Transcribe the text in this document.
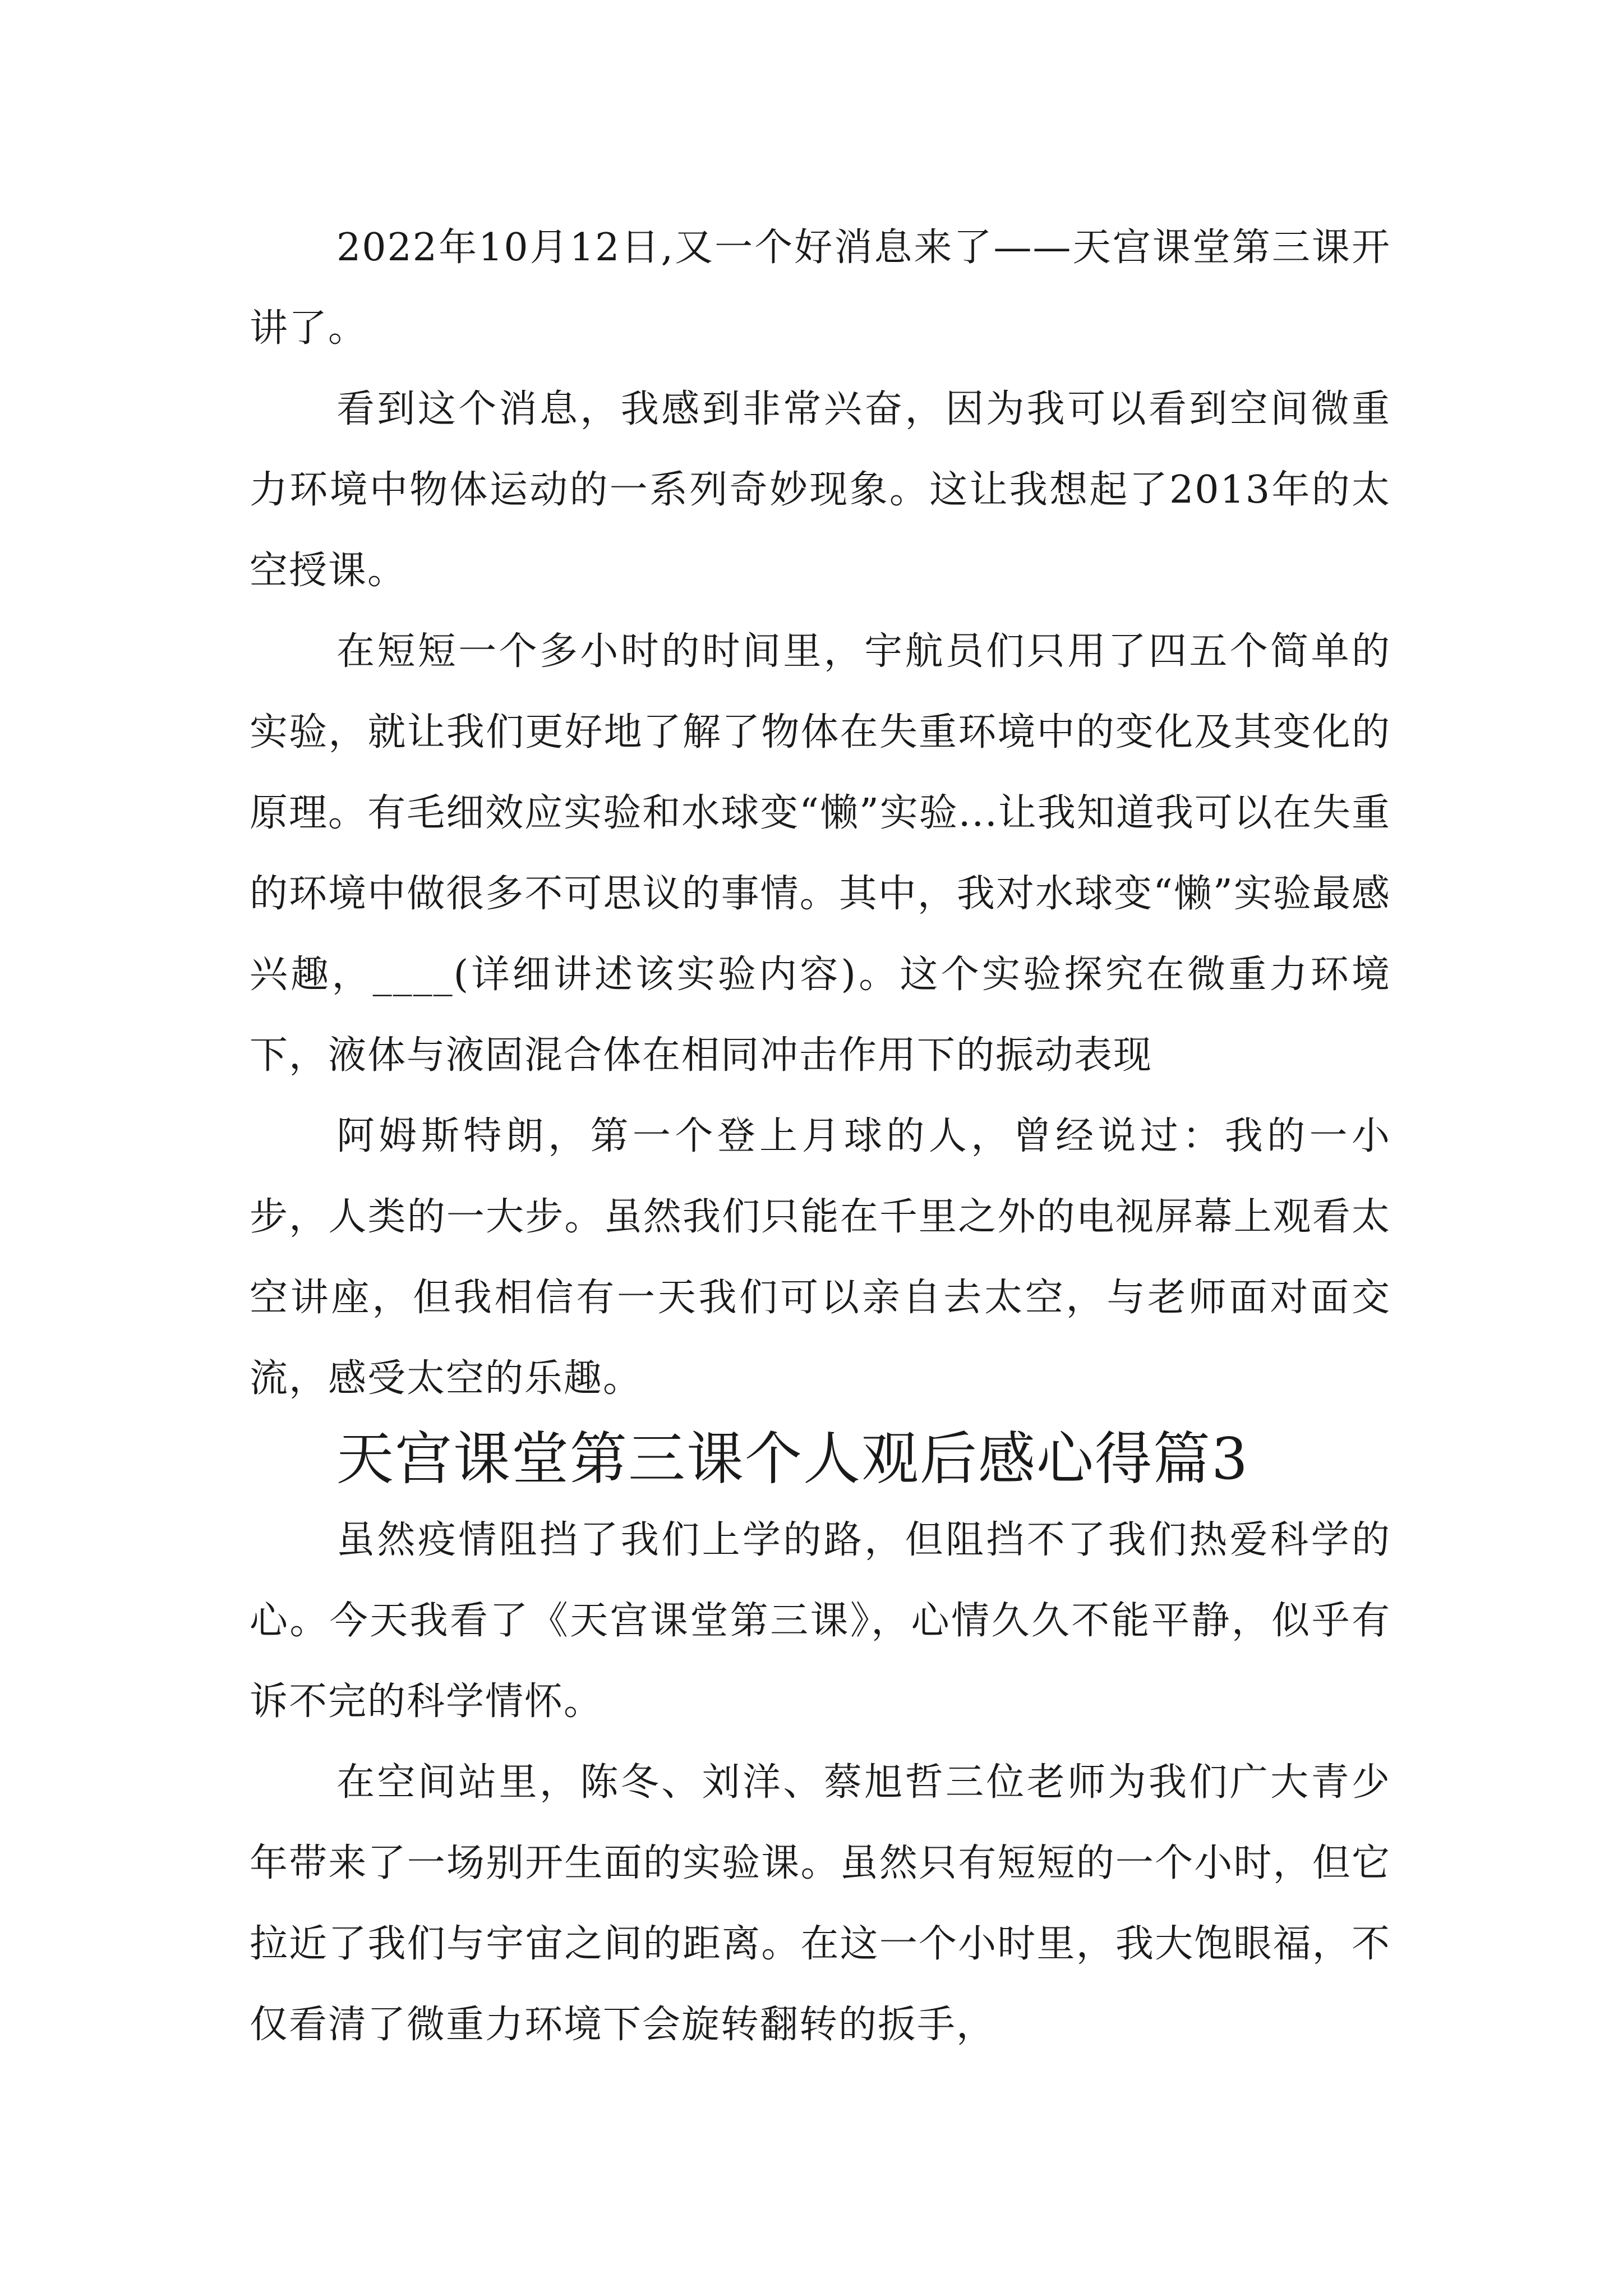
2022年10月12日,又一个好消息来了——天宫课堂第三课开讲了。

看到这个消息，我感到非常兴奋，因为我可以看到空间微重力环境中物体运动的一系列奇妙现象。这让我想起了2013年的太空授课。

在短短一个多小时的时间里，宇航员们只用了四五个简单的实验，就让我们更好地了解了物体在失重环境中的变化及其变化的原理。有毛细效应实验和水球变“懒”实验...让我知道我可以在失重的环境中做很多不可思议的事情。其中，我对水球变“懒”实验最感兴趣，____(详细讲述该实验内容)。这个实验探究在微重力环境下，液体与液固混合体在相同冲击作用下的振动表现

阿姆斯特朗，第一个登上月球的人，曾经说过：我的一小步，人类的一大步。虽然我们只能在千里之外的电视屏幕上观看太空讲座，但我相信有一天我们可以亲自去太空，与老师面对面交流，感受太空的乐趣。

天宫课堂第三课个人观后感心得篇3

虽然疫情阻挡了我们上学的路，但阻挡不了我们热爱科学的心。今天我看了《天宫课堂第三课》，心情久久不能平静，似乎有诉不完的科学情怀。

在空间站里，陈冬、刘洋、蔡旭哲三位老师为我们广大青少年带来了一场别开生面的实验课。虽然只有短短的一个小时，但它拉近了我们与宇宙之间的距离。在这一个小时里，我大饱眼福，不仅看清了微重力环境下会旋转翻转的扳手，
